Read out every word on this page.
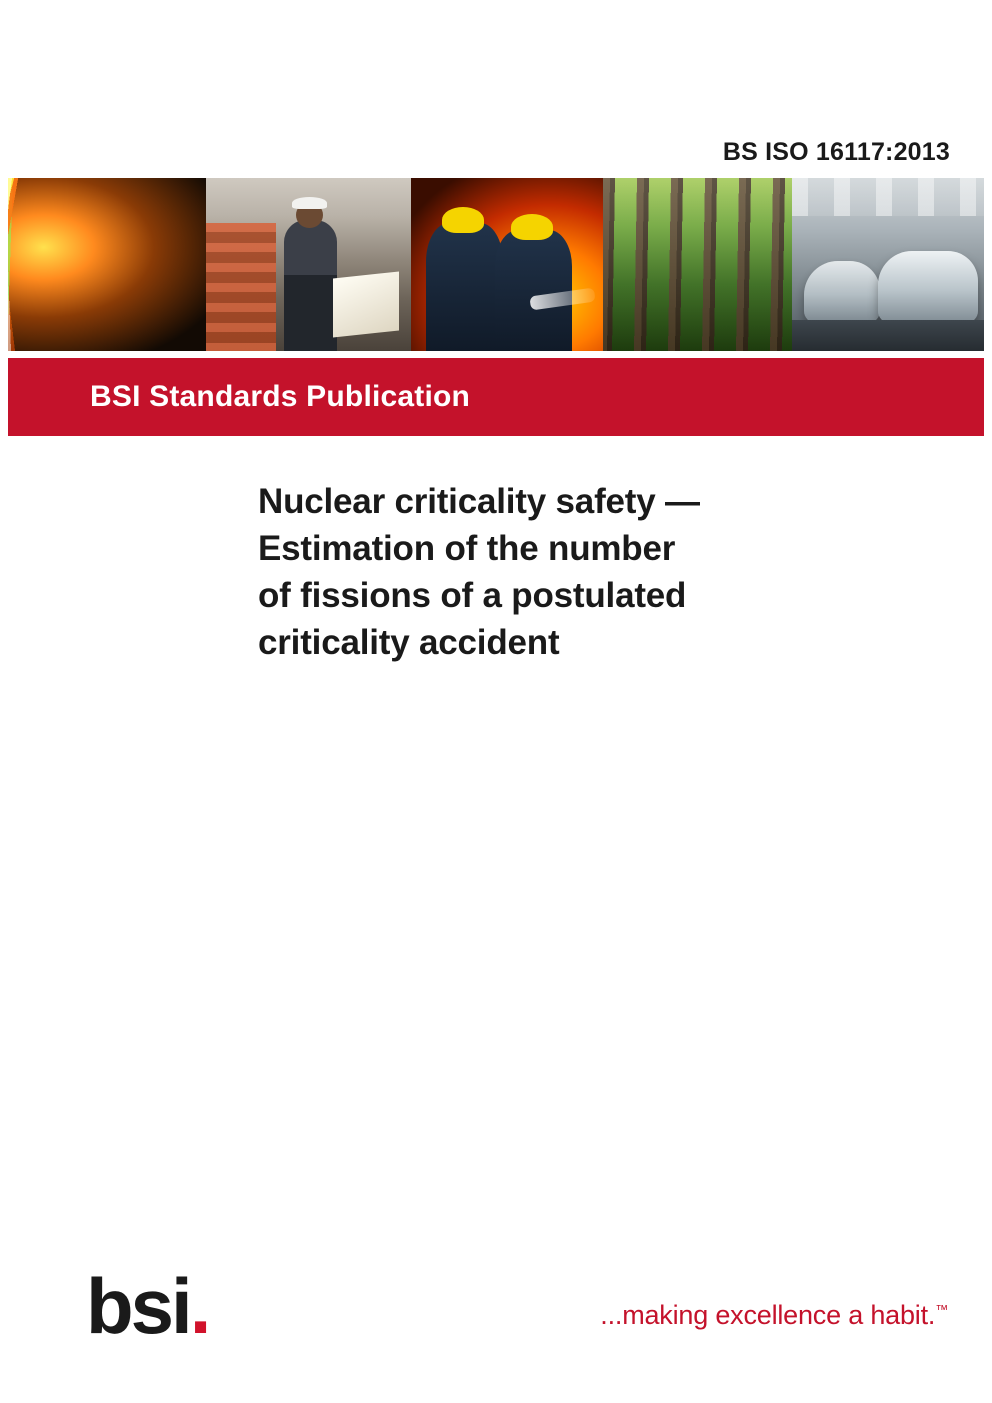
BS ISO 16117:2013
BSI Standards Publication
Nuclear criticality safety —
Estimation of the number
of fissions of a postulated
criticality accident
bsi.	...making excellence a habit.™
